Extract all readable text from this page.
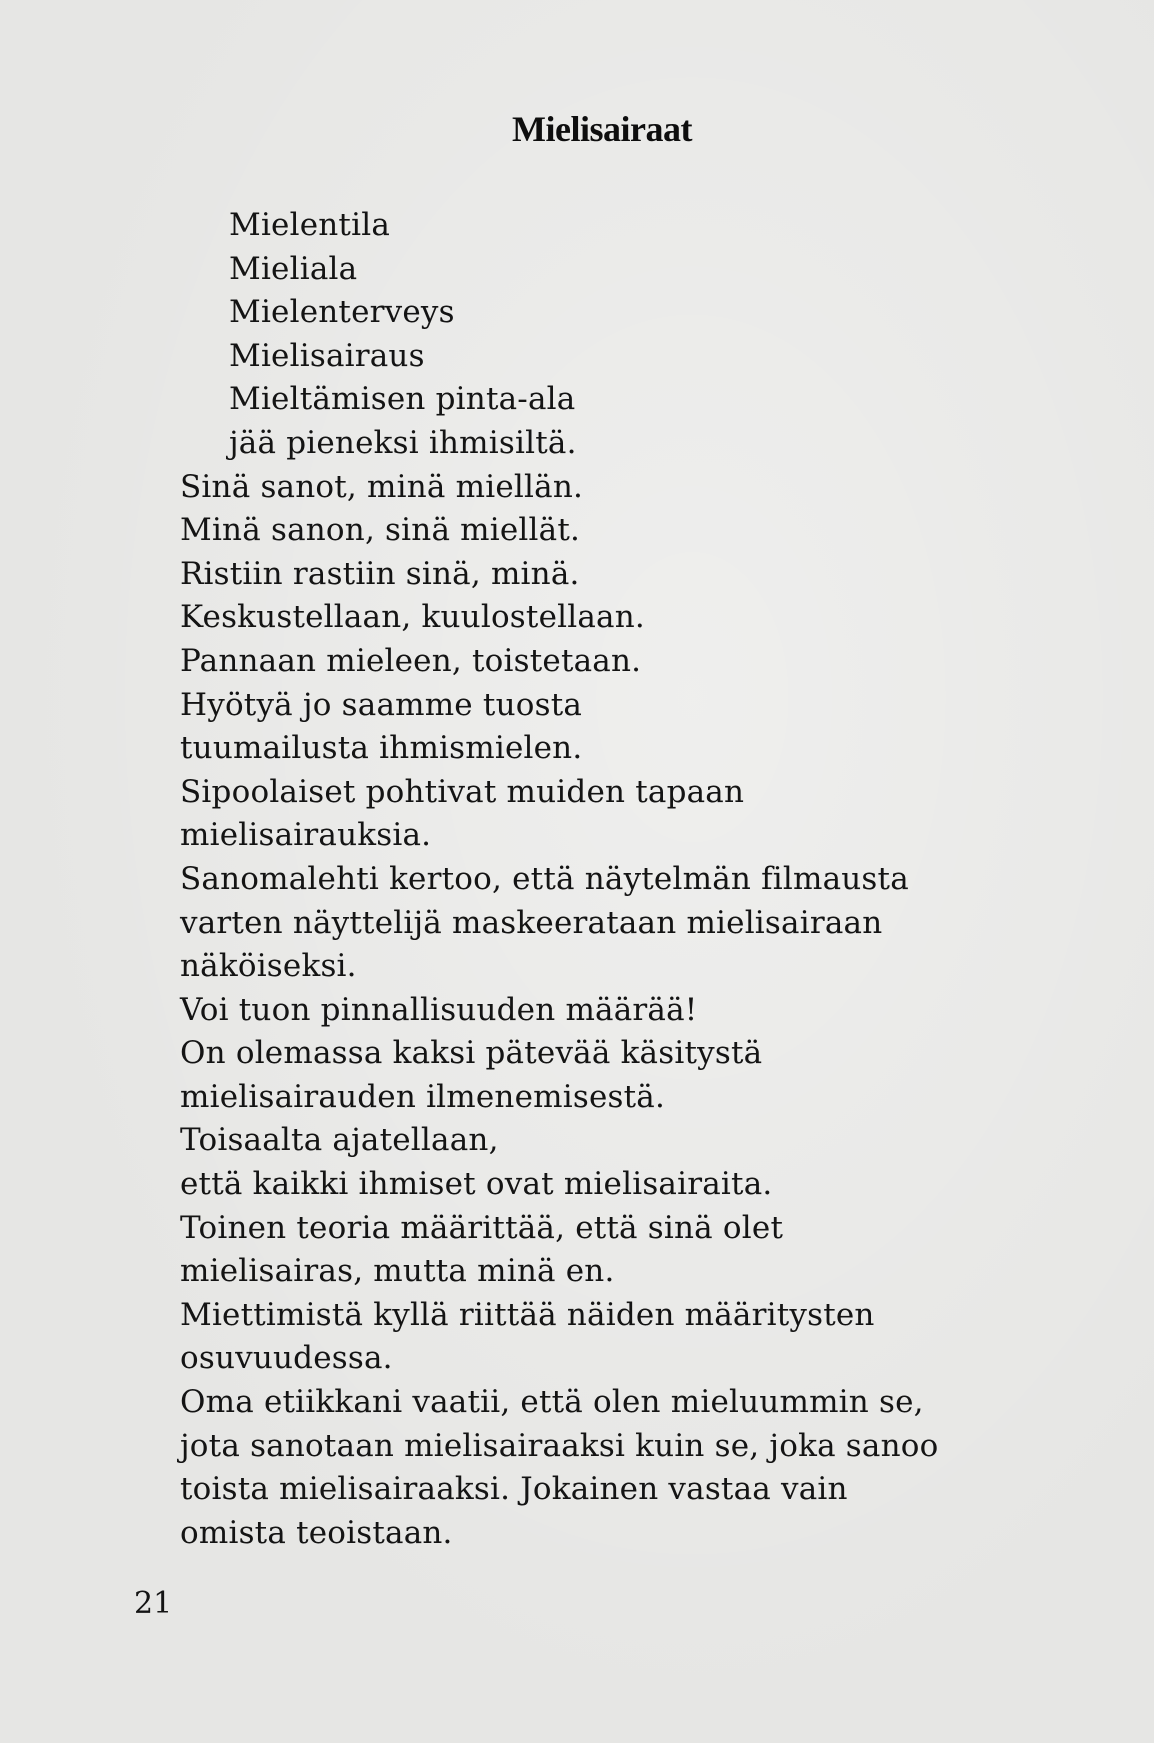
Mielisairaat
Mielentila
Mieliala
Mielenterveys
Mielisairaus
Mieltämisen pinta-ala
jää pieneksi ihmisiltä.
Sinä sanot, minä miellän.
Minä sanon, sinä miellät.
Ristiin rastiin sinä, minä.
Keskustellaan, kuulostellaan.
Pannaan mieleen, toistetaan.
Hyötyä jo saamme tuosta
tuumailusta ihmismielen.
Sipoolaiset pohtivat muiden tapaan
mielisairauksia.
Sanomalehti kertoo, että näytelmän filmausta
varten näyttelijä maskeerataan mielisairaan
näköiseksi.
Voi tuon pinnallisuuden määrää!
On olemassa kaksi pätevää käsitystä
mielisairauden ilmenemisestä.
Toisaalta ajatellaan,
että kaikki ihmiset ovat mielisairaita.
Toinen teoria määrittää, että sinä olet
mielisairas, mutta minä en.
Miettimistä kyllä riittää näiden määritysten
osuvuudessa.
Oma etiikkani vaatii, että olen mieluummin se,
jota sanotaan mielisairaaksi kuin se, joka sanoo
toista mielisairaaksi. Jokainen vastaa vain
omista teoistaan.
21
